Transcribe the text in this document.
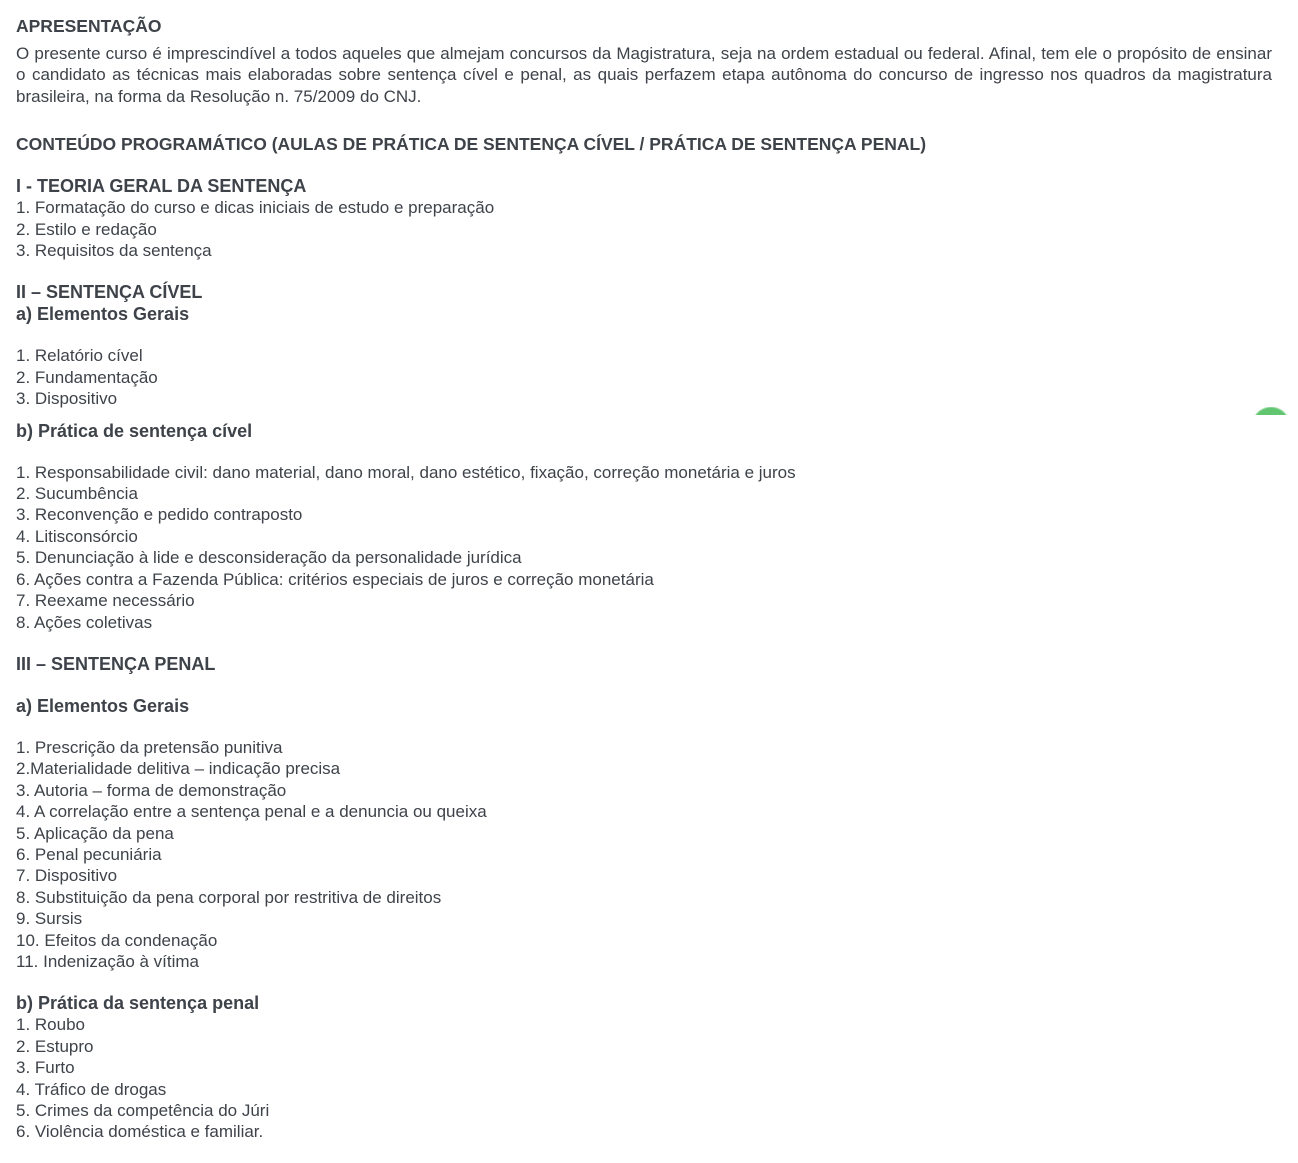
APRESENTAÇÃO

O presente curso é imprescindível a todos aqueles que almejam concursos da Magistratura, seja na ordem estadual ou federal. Afinal, tem ele o propósito de ensinar o candidato as técnicas mais elaboradas sobre sentença cível e penal, as quais perfazem etapa autônoma do concurso de ingresso nos quadros da magistratura brasileira, na forma da Resolução n. 75/2009 do CNJ.

CONTEÚDO PROGRAMÁTICO (AULAS DE PRÁTICA DE SENTENÇA CÍVEL / PRÁTICA DE SENTENÇA PENAL)
I - TEORIA GERAL DA SENTENÇA
1. Formatação do curso e dicas iniciais de estudo e preparação
2. Estilo e redação
3. Requisitos da sentença
II – SENTENÇA CÍVEL
a) Elementos Gerais
1. Relatório cível
2. Fundamentação
3. Dispositivo
b) Prática de sentença cível
1. Responsabilidade civil: dano material, dano moral, dano estético, fixação, correção monetária e juros
2. Sucumbência
3. Reconvenção e pedido contraposto
4. Litisconsórcio
5. Denunciação à lide e desconsideração da personalidade jurídica
6. Ações contra a Fazenda Pública: critérios especiais de juros e correção monetária
7. Reexame necessário
8. Ações coletivas
III – SENTENÇA PENAL
a) Elementos Gerais
1. Prescrição da pretensão punitiva
2.Materialidade delitiva – indicação precisa
3. Autoria – forma de demonstração
4. A correlação entre a sentença penal e a denuncia ou queixa
5. Aplicação da pena
6. Penal pecuniária
7. Dispositivo
8. Substituição da pena corporal por restritiva de direitos
9. Sursis
10. Efeitos da condenação
11. Indenização à vítima
b) Prática da sentença penal
1. Roubo
2. Estupro
3. Furto
4. Tráfico de drogas
5. Crimes da competência do Júri
6. Violência doméstica e familiar.
